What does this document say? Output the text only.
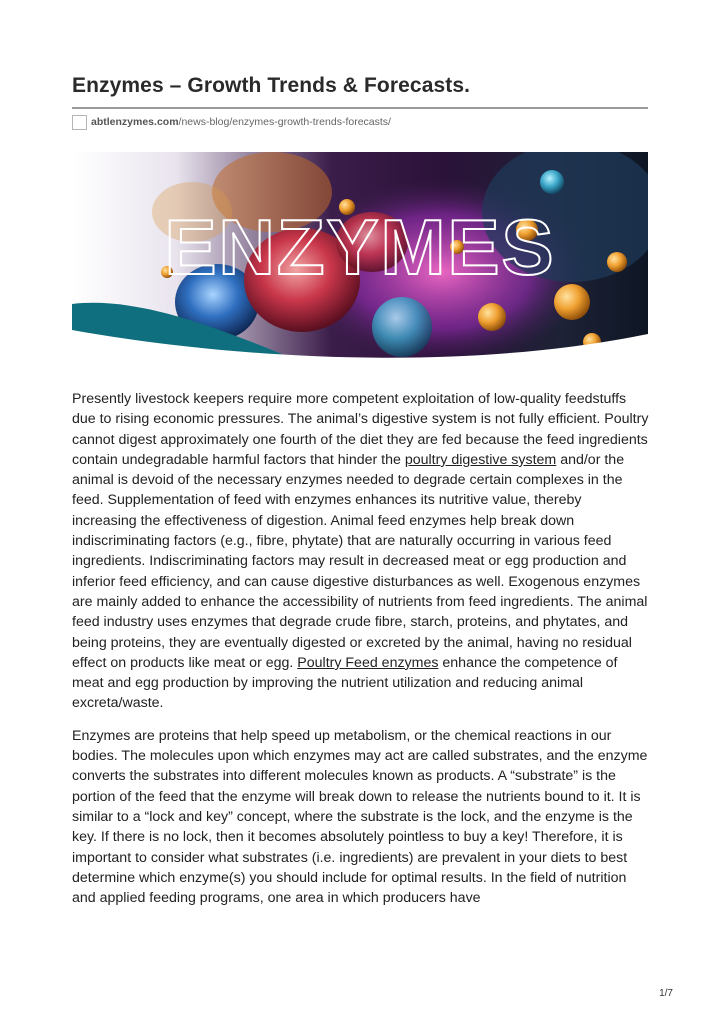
Enzymes – Growth Trends & Forecasts.
abtlenzymes.com /news-blog/enzymes-growth-trends-forecasts/
ENZYMES

Presently livestock keepers require more competent exploitation of low-quality feedstuffs due to rising economic pressures. The animal’s digestive system is not fully efficient. Poultry cannot digest approximately one fourth of the diet they are fed because the feed ingredients contain undegradable harmful factors that hinder the poultry digestive system and/or the animal is devoid of the necessary enzymes needed to degrade certain complexes in the feed. Supplementation of feed with enzymes enhances its nutritive value, thereby increasing the effectiveness of digestion. Animal feed enzymes help break down indiscriminating factors (e.g., fibre, phytate) that are naturally occurring in various feed ingredients. Indiscriminating factors may result in decreased meat or egg production and inferior feed efficiency, and can cause digestive disturbances as well. Exogenous enzymes are mainly added to enhance the accessibility of nutrients from feed ingredients. The animal feed industry uses enzymes that degrade crude fibre, starch, proteins, and phytates, and being proteins, they are eventually digested or excreted by the animal, having no residual effect on products like meat or egg. Poultry Feed enzymes enhance the competence of meat and egg production by improving the nutrient utilization and reducing animal excreta/waste.

Enzymes are proteins that help speed up metabolism, or the chemical reactions in our bodies. The molecules upon which enzymes may act are called substrates, and the enzyme converts the substrates into different molecules known as products. A “substrate” is the portion of the feed that the enzyme will break down to release the nutrients bound to it. It is similar to a “lock and key” concept, where the substrate is the lock, and the enzyme is the key. If there is no lock, then it becomes absolutely pointless to buy a key! Therefore, it is important to consider what substrates (i.e. ingredients) are prevalent in your diets to best determine which enzyme(s) you should include for optimal results. In the field of nutrition and applied feeding programs, one area in which producers have

1/7
